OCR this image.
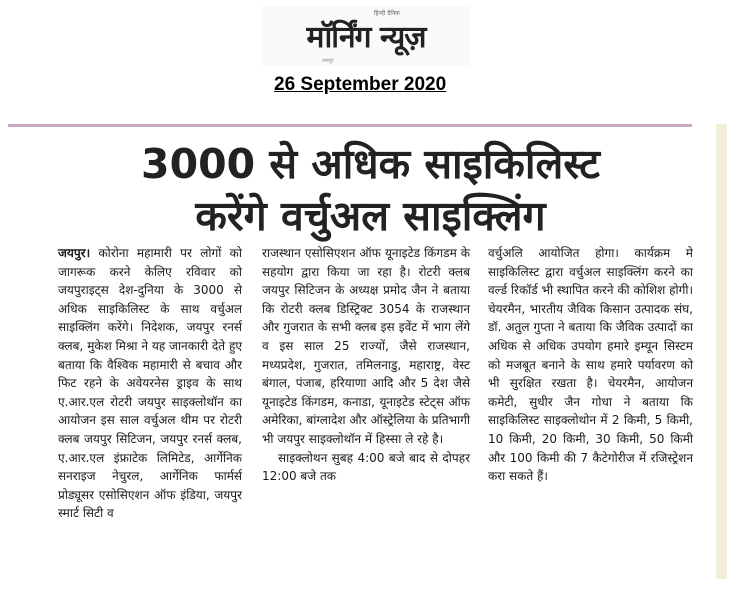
हिन्दी दैनिक
मॉर्निंग न्यूज़
जयपुर
26 September 2020
3000 से अधिक साइकिलिस्ट
करेंगे वर्चुअल साइक्लिंग

जयपुर। कोरोना महामारी पर लोगों को जागरूक करने केलिए रविवार को जयपुराइट्स देश-दुनिया के 3000 से अधिक साइकिलिस्ट के साथ वर्चुअल साइक्लिंग करेंगे। निदेशक, जयपुर रनर्स क्लब, मुकेश मिश्रा ने यह जानकारी देते हुए बताया कि वैश्विक महामारी से बचाव और फिट रहने के अवेयरनेस ड्राइव के साथ ए.आर.एल रोटरी जयपुर साइक्लोथॉन का आयोजन इस साल वर्चुअल थीम पर रोटरी क्लब जयपुर सिटिजन, जयपुर रनर्स क्लब, ए.आर.एल इंफ्राटेक लिमिटेड, आर्गेनिक सनराइज नेचुरल, आर्गेनिक फार्मर्स प्रोड्यूसर एसोसिएशन ऑफ इंडिया, जयपुर स्मार्ट सिटी व

राजस्थान एसोसिएशन ऑफ यूनाइटेड किंगडम के सहयोग द्वारा किया जा रहा है। रोटरी क्लब जयपुर सिटिजन के अध्यक्ष प्रमोद जैन ने बताया कि रोटरी क्लब डिस्ट्रिक्ट 3054 के राजस्थान और गुजरात के सभी क्लब इस इवेंट में भाग लेंगे व इस साल 25 राज्यों, जैसे राजस्थान, मध्यप्रदेश, गुजरात, तमिलनाडु, महाराष्ट्र, वेस्ट बंगाल, पंजाब, हरियाणा आदि और 5 देश जैसे यूनाइटेड किंगडम, कनाडा, यूनाइटेड स्टेट्स ऑफ अमेरिका, बांग्लादेश और ऑस्ट्रेलिया के प्रतिभागी भी जयपुर साइक्लोथॉन में हिस्सा ले रहे है।

साइक्लोथन सुबह 4:00 बजे बाद से दोपहर 12:00 बजे तक

वर्चुअलि आयोजित होगा। कार्यक्रम मे साइकिलिस्ट द्वारा वर्चुअल साइक्लिंग करने का वर्ल्ड रिकॉर्ड भी स्थापित करने की कोशिश होगी।चेयरमैन, भारतीय जैविक किसान उत्पादक संघ, डॉ. अतुल गुप्ता ने बताया कि जैविक उत्पादों का अधिक से अधिक उपयोग हमारे इम्यून सिस्टम को मजबूत बनाने के साथ हमारे पर्यावरण को भी सुरक्षित रखता है। चेयरमैन, आयोजन कमेटी, सुधीर जैन गोधा ने बताया कि साइकिलिस्ट साइक्लोथोन में 2 किमी, 5 किमी, 10 किमी, 20 किमी, 30 किमी, 50 किमी और 100 किमी की 7 कैटेगोरीज में रजिस्ट्रेशन करा सकते हैं।
